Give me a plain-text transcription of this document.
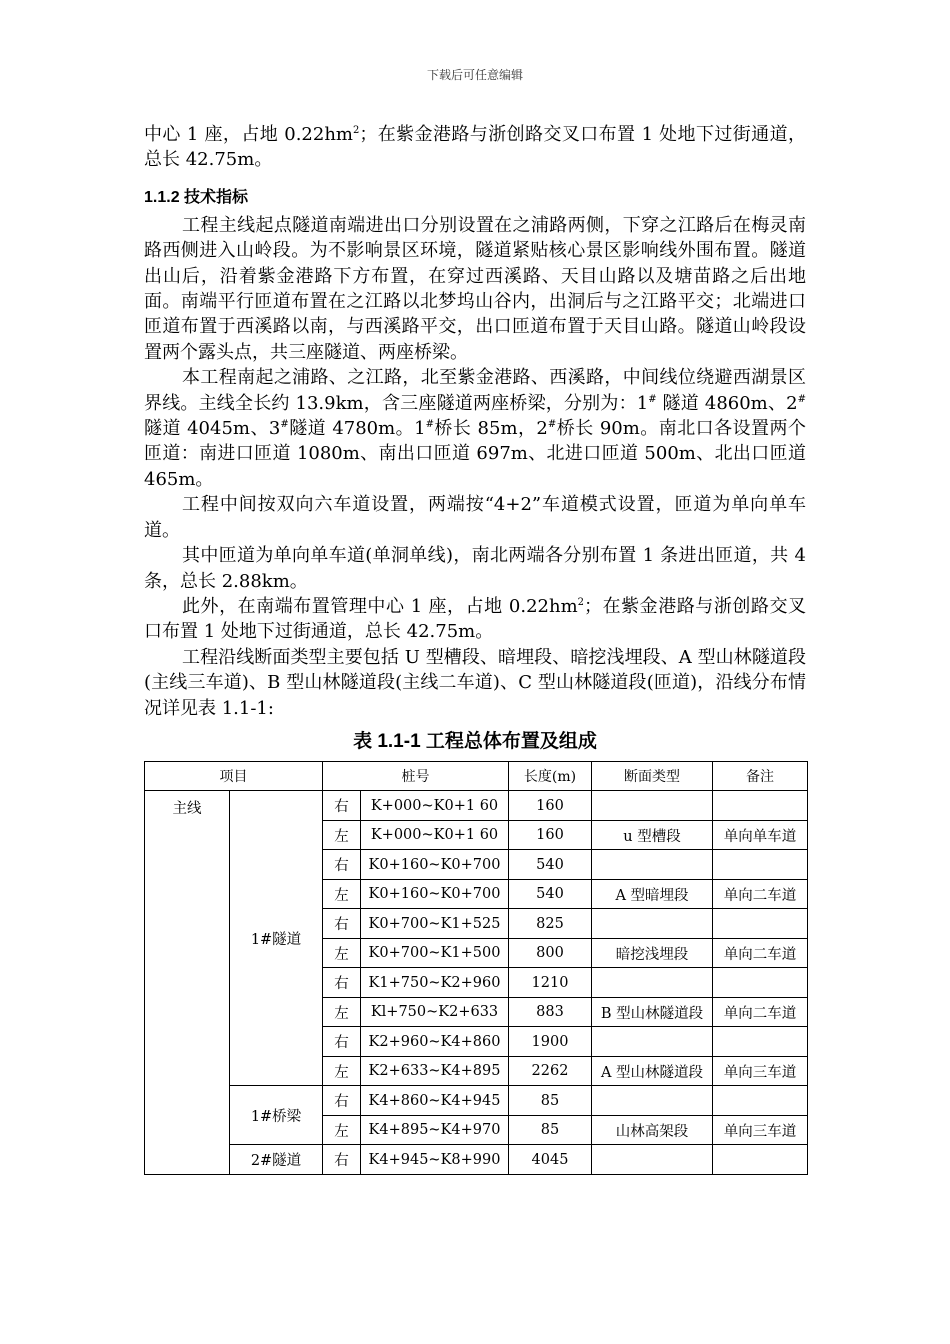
下载后可任意编辑

中心 1 座，占地 $0.22hm^2$；在紫金港路与浙创路交叉口布置 1 处地下过街通道，总长 42.75m。

1.1.2 技术指标

工程主线起点隧道南端进出口分别设置在之浦路两侧，下穿之江路后在梅灵南路西侧进入山岭段。为不影响景区环境，隧道紧贴核心景区影响线外围布置。隧道出山后，沿着紫金港路下方布置，在穿过西溪路、天目山路以及塘苗路之后出地面。南端平行匝道布置在之江路以北梦坞山谷内，出洞后与之江路平交；北端进口匝道布置于西溪路以南，与西溪路平交，出口匝道布置于天目山路。隧道山岭段设置两个露头点，共三座隧道、两座桥梁。

本工程南起之浦路、之江路，北至紫金港路、西溪路，中间线位绕避西湖景区界线。主线全长约 13.9km，含三座隧道两座桥梁，分别为：1# 隧道 4860m、2#隧道 4045m、3#隧道 4780m。1#桥长 85m，2#桥长 90m。南北口各设置两个匝道：南进口匝道 1080m、南出口匝道 697m、北进口匝道 500m、北出口匝道 465m。

工程中间按双向六车道设置，两端按“4+2”车道模式设置，匝道为单向单车道。

其中匝道为单向单车道(单洞单线)，南北两端各分别布置 1 条进出匝道，共 4 条，总长 2.88km。

此外，在南端布置管理中心 1 座，占地 $0.22hm^2$；在紫金港路与浙创路交叉口布置 1 处地下过街通道，总长 42.75m。

工程沿线断面类型主要包括 U 型槽段、暗埋段、暗挖浅埋段、A 型山林隧道段(主线三车道)、B 型山林隧道段(主线二车道)、C 型山林隧道段(匝道)，沿线分布情况详见表 1.1-1:

表 1.1-1 工程总体布置及组成
项目		桩号		长度(m)	断面类型	备注
主线	1#隧道	右	K+000~K0+1 60	160		
		左	K+000~K0+1 60	160	u 型槽段	单向单车道
		右	K0+160~K0+700	540		
		左	K0+160~K0+700	540	A 型暗埋段	单向二车道
		右	K0+700~K1+525	825		
		左	K0+700~K1+500	800	暗挖浅埋段	单向二车道
		右	K1+750~K2+960	1210		
		左	Kl+750~K2+633	883	B 型山林隧道段	单向二车道
		右	K2+960~K4+860	1900		
		左	K2+633~K4+895	2262	A 型山林隧道段	单向三车道
	1#桥梁	右	K4+860~K4+945	85		
		左	K4+895~K4+970	85	山林高架段	单向三车道
	2#隧道	右	K4+945~K8+990	4045		
